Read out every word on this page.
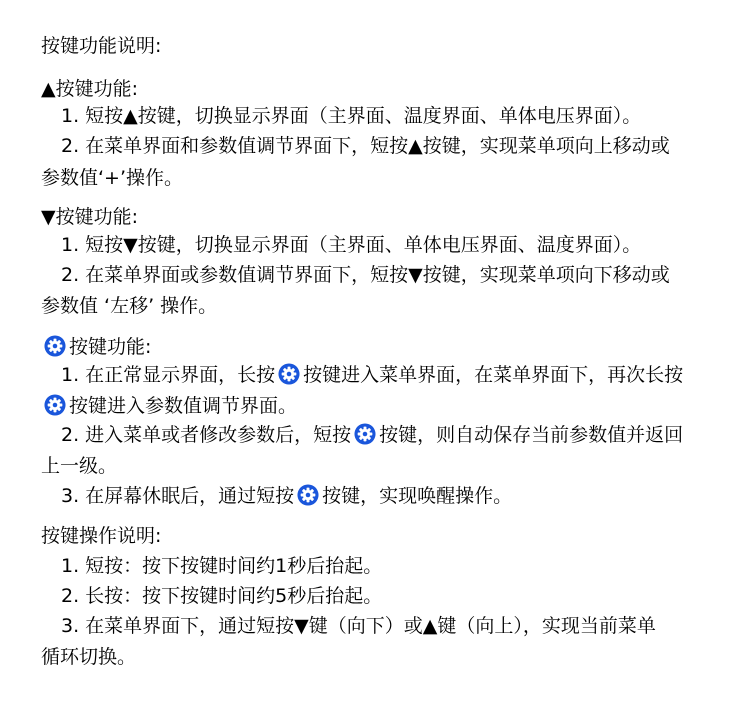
按键功能说明:
▲按键功能:
1. 短按▲按键，切换显示界面（主界面、温度界面、单体电压界面）。
2. 在菜单界面和参数值调节界面下，短按▲按键，实现菜单项向上移动或
参数值‘+’操作。
▼按键功能:
1. 短按▼按键，切换显示界面（主界面、单体电压界面、温度界面）。
2. 在菜单界面或参数值调节界面下，短按▼按键，实现菜单项向下移动或
参数值 ‘左移’ 操作。
按键功能:
1. 在正常显示界面，长按 按键进入菜单界面，在菜单界面下，再次长按
按键进入参数值调节界面。
2. 进入菜单或者修改参数后，短按 按键，则自动保存当前参数值并返回
上一级。
3. 在屏幕休眠后，通过短按 按键，实现唤醒操作。
按键操作说明:
1. 短按：按下按键时间约1秒后抬起。
2. 长按：按下按键时间约5秒后抬起。
3. 在菜单界面下，通过短按▼键（向下）或▲键（向上），实现当前菜单
循环切换。
